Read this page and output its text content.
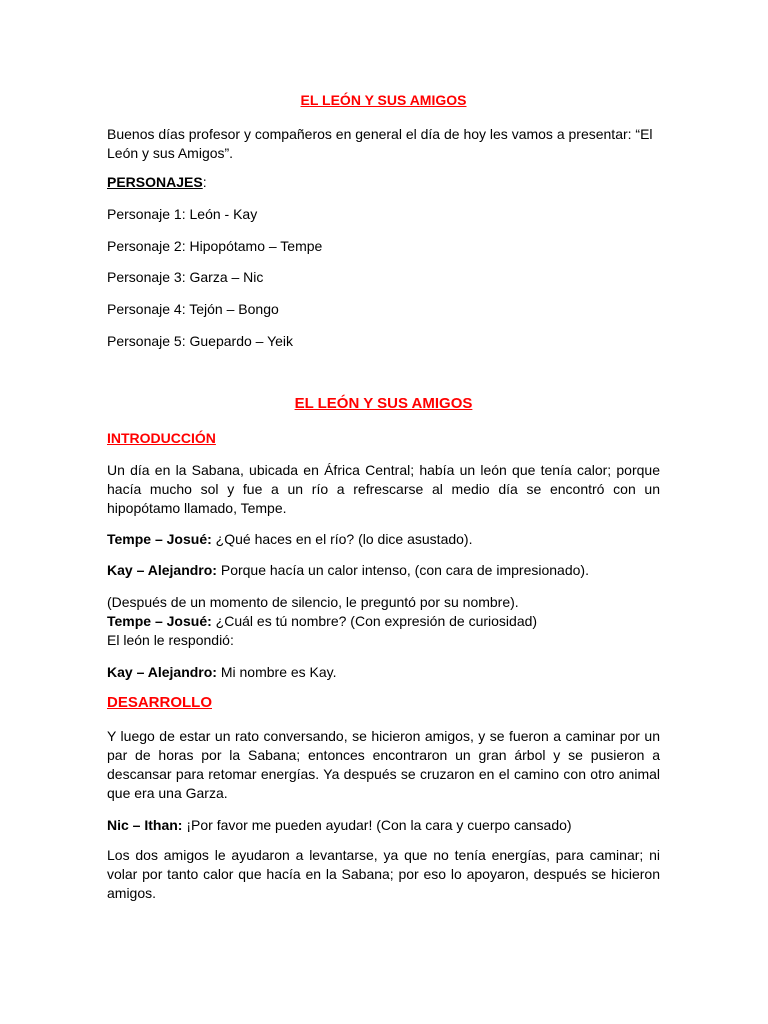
EL LEÓN Y SUS AMIGOS

Buenos días profesor y compañeros en general el día de hoy les vamos a presentar: “El León y sus Amigos”.

PERSONAJES:

Personaje 1: León - Kay

Personaje 2: Hipopótamo – Tempe

Personaje 3: Garza – Nic

Personaje 4: Tejón – Bongo

Personaje 5: Guepardo – Yeik

EL LEÓN Y SUS AMIGOS

INTRODUCCIÓN

Un día en la Sabana, ubicada en África Central; había un león que tenía calor; porque hacía mucho sol y fue a un río a refrescarse al medio día se encontró con un hipopótamo llamado, Tempe.

Tempe – Josué: ¿Qué haces en el río? (lo dice asustado).

Kay – Alejandro: Porque hacía un calor intenso, (con cara de impresionado).

(Después de un momento de silencio, le preguntó por su nombre).

Tempe – Josué: ¿Cuál es tú nombre? (Con expresión de curiosidad)

El león le respondió:

Kay – Alejandro: Mi nombre es Kay.

DESARROLLO

Y luego de estar un rato conversando, se hicieron amigos, y se fueron a caminar por un par de horas por la Sabana; entonces encontraron un gran árbol y se pusieron a descansar para retomar energías. Ya después se cruzaron en el camino con otro animal que era una Garza.

Nic – Ithan: ¡Por favor me pueden ayudar! (Con la cara y cuerpo cansado)

Los dos amigos le ayudaron a levantarse, ya que no tenía energías, para caminar; ni volar por tanto calor que hacía en la Sabana; por eso lo apoyaron, después se hicieron amigos.
